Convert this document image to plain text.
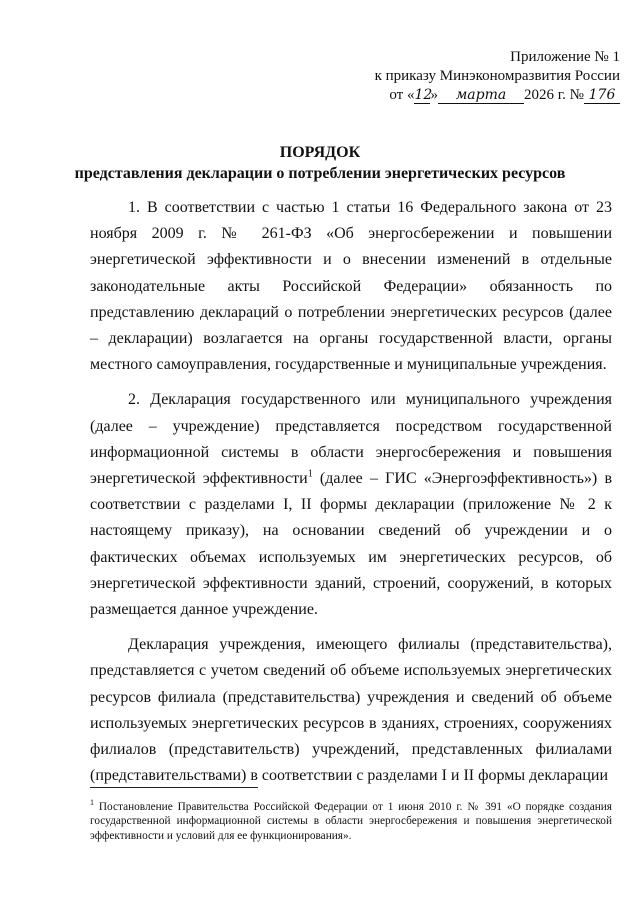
Приложение № 1
к приказу Минэкономразвития России
от « 12
»	марта	2026 г. № 176
ПОРЯДОК
представления декларации о потреблении энергетических ресурсов

1. В соответствии с частью 1 статьи 16 Федерального закона от 23 ноября 2009 г. № 261-ФЗ «Об энергосбережении и повышении энергетической эффективности и о внесении изменений в отдельные законодательные акты Российской Федерации» обязанность по представлению деклараций о потреблении энергетических ресурсов (далее – декларации) возлагается на органы государственной власти, органы местного самоуправления, государственные и муниципальные учреждения.

2. Декларация государственного или муниципального учреждения (далее – учреждение) представляется посредством государственной информационной системы в области энергосбережения и повышения энергетической эффективности$^1$ (далее – ГИС «Энергоэффективность») в соответствии с разделами I, II формы декларации (приложение № 2 к настоящему приказу), на основании сведений об учреждении и о фактических объемах используемых им энергетических ресурсов, об энергетической эффективности зданий, строений, сооружений, в которых размещается данное учреждение.

Декларация учреждения, имеющего филиалы (представительства), представляется с учетом сведений об объеме используемых энергетических ресурсов филиала (представительства) учреждения и сведений об объеме используемых энергетических ресурсов в зданиях, строениях, сооружениях филиалов (представительств) учреждений, представленных филиалами (представительствами) в соответствии с разделами I и II формы декларации

$^1$ Постановление Правительства Российской Федерации от 1 июня 2010 г. № 391 «О порядке создания государственной информационной системы в области энергосбережения и повышения энергетической эффективности и условий для ее функционирования».
